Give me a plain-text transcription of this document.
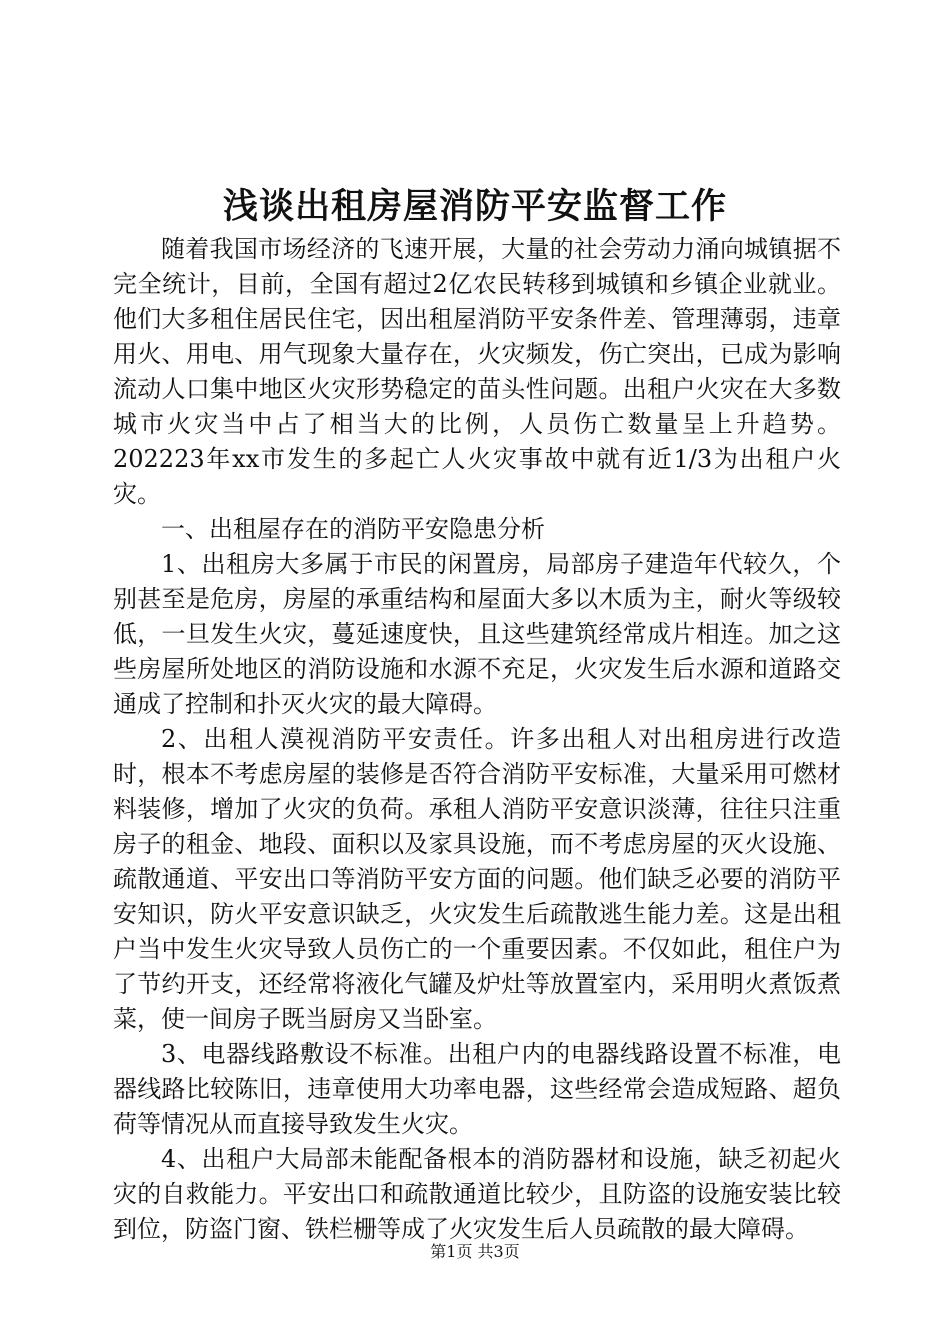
浅谈出租房屋消防平安监督工作

随着我国市场经济的飞速开展，大量的社会劳动力涌向城镇据不完全统计，目前，全国有超过2亿农民转移到城镇和乡镇企业就业。他们大多租住居民住宅，因出租屋消防平安条件差、管理薄弱，违章用火、用电、用气现象大量存在，火灾频发，伤亡突出，已成为影响流动人口集中地区火灾形势稳定的苗头性问题。出租户火灾在大多数城市火灾当中占了相当大的比例，人员伤亡数量呈上升趋势。202223年xx市发生的多起亡人火灾事故中就有近1/3为出租户火灾。

一、出租屋存在的消防平安隐患分析

1、出租房大多属于市民的闲置房，局部房子建造年代较久，个别甚至是危房，房屋的承重结构和屋面大多以木质为主，耐火等级较低，一旦发生火灾，蔓延速度快，且这些建筑经常成片相连。加之这些房屋所处地区的消防设施和水源不充足，火灾发生后水源和道路交通成了控制和扑灭火灾的最大障碍。

2、出租人漠视消防平安责任。许多出租人对出租房进行改造时，根本不考虑房屋的装修是否符合消防平安标准，大量采用可燃材料装修，增加了火灾的负荷。承租人消防平安意识淡薄，往往只注重房子的租金、地段、面积以及家具设施，而不考虑房屋的灭火设施、疏散通道、平安出口等消防平安方面的问题。他们缺乏必要的消防平安知识，防火平安意识缺乏，火灾发生后疏散逃生能力差。这是出租户当中发生火灾导致人员伤亡的一个重要因素。不仅如此，租住户为了节约开支，还经常将液化气罐及炉灶等放置室内，采用明火煮饭煮菜，使一间房子既当厨房又当卧室。

3、电器线路敷设不标准。出租户内的电器线路设置不标准，电器线路比较陈旧，违章使用大功率电器，这些经常会造成短路、超负荷等情况从而直接导致发生火灾。

4、出租户大局部未能配备根本的消防器材和设施，缺乏初起火灾的自救能力。平安出口和疏散通道比较少，且防盗的设施安装比较到位，防盗门窗、铁栏栅等成了火灾发生后人员疏散的最大障碍。

第1页 共3页
